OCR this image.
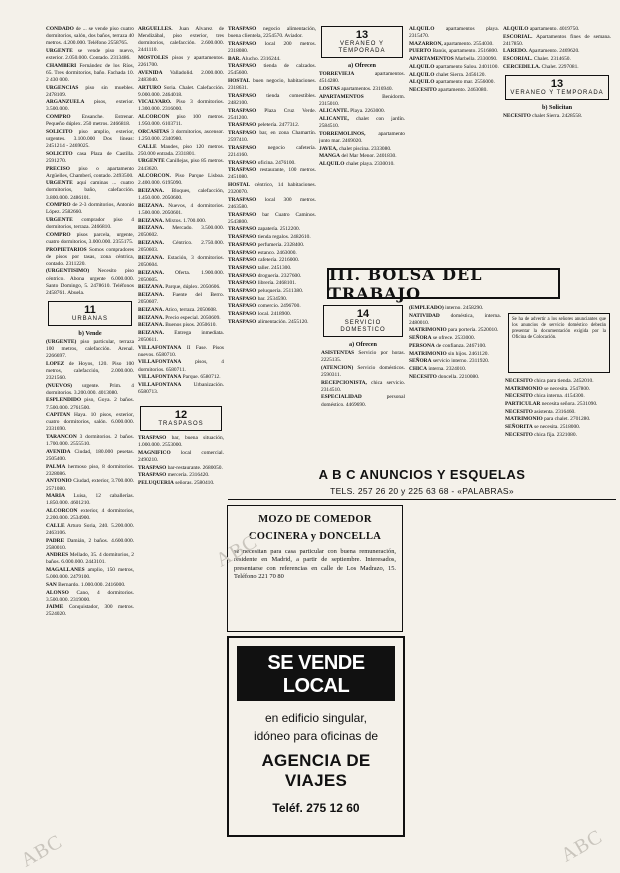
CONDADO de ... se vende piso cuatro dormitorios, salón, dos baños, terraza 40 metros. 4.200.000. Teléfono 2558765.

URGENTE se vende piso nuevo, exterior. 2.050.000. Contado. 2313486.

CHAMBERI Fernández de los Ríos, 65. Tres dormitorios, baño. Fachada 10. 2 430 000.

URGENCIAS piso sin muebles. 2478109.

ARGANZUELA pisos, exterior. 3.500.000.

COMPRO Ensanche. Estrenar. Pequeño dúplex. 250 metros. 2466818.

SOLICITO piso amplio, exterior, urgentes. 3.100.000 Dos líneas: 2451214 - 2469025.

SOLICITO casa Plaza de Castilla. 2591270.

PRECISO piso o apartamento Argüelles, Chamberí, contado. 2493500.

URGENTE aquí caminas ... cuatro dormitorios, baño, calefacción. 3.800.000. 2486101.

COMPRO de 2-3 dormitorios, Antonio López. 2582660.

URGENTE comprador piso 4 dormitorios, terraza. 2466810.

COMPRO pisos parcela, urgente, cuatro dormitorios, 3.000.000. 2355175.

PROPIETARIOS Somos compradores de pisos por tasas, zona céntrica, contado. 2311220.

(URGENTISIMO) Necesito piso céntrico. Abona urgente 6.000.000. Santo Domingo, 5. 2478610. Teléfonos 2458761. Abuela.

11
URBANAS
b) Vende

(URGENTE) piso particular, terraza 100 metros, calefacción. Arenal. 2266697.

LOPEZ de Hoyos, 120. Piso 100 metros, calefacción, 2.000.000. 2321560.

(NUEVOS) urgente. Prim. 4 dormitorios. 3.200.000. 4013080.

ESPLENDIDO piso, Goya. 2 baños. 7.500.000. 2761500.

CAPITAN Haya. 10 pisos, exterior, cuatro dormitorios, salón. 6.000.000. 2331690.

TARANCON 3 dormitorios. 2 baños. 1.700.000. 2555510.

AVENIDA Ciudad, 180.000 pesetas. 2505400.

PALMA hermoso piso, 8 dormitorios. 2328086.

ANTONIO Ciudad, exterior, 3.700.000. 2571080.

MARIA Luisa, 12 caballerías. 1.850.000. 4601210.

ALCORCON exterior, 4 dormitorios, 2.200.000. 2534900.

CALLE Arturo Soria, 240. 5.200.000. 2463106.

PADRE Damián, 2 baños. 4.600.000. 2580010.

ANDRES Mellado, 35. 4 dormitorios, 2 baños. 6.000.000. 2443101.

MAGALLANES amplio, 150 metros, 5.000.000. 2479100.

SAN Bernardo. 1.000.000. 2416000.

ALONSO Cano, 4 dormitorios. 3.500.000. 2319000.

JAIME Conquistador, 300 metros. 2524020.

ARGUELLES. Juan Álvarez de Mendizábal, piso exterior, tres dormitorios, calefacción. 2.600.000. 2441110.

MOSTOLES pisos y apartamentos. 2261700.

AVENIDA Valladolid. 2.000.000. 2483040.

ARTURO Soria. Chalet. Calefacción. 9.000.000. 2464018.

VICALVARO. Piso 3 dormitorios. 1.300.000. 2316000.

ALCORCON piso 100 metros. 1.950.000. 6103711.

ORCASITAS 3 dormitorios, ascensor. 1.250.000. 2340980.

CALLE Maudes, piso 120 metros. 250.000 entrada. 2331801.

URGENTE Canillejas, piso 85 metros. 2443620.

ALCORCON. Piso Parque Lisboa. 2.400.000. 6195090.

BEIZANA. Bloques, calefacción, 1.450.000. 2050600.

BEIZANA. Nuevos, 4 dormitorios. 1.500.000. 2050601.

BEIZANA. Mixtos. 1.700.000.

BEIZANA. Mercado. 3.500.000. 2050602.

BEIZANA. Céntrico. 2.750.000. 2050603.

BEIZANA. Estación, 3 dormitorios. 2050604.

BEIZANA. Oferta. 1.900.000. 2050605.

BEIZANA. Parque, dúplex. 2050606.

BEIZANA. Fuente del Berro. 2050607.

BEIZANA. Atico, terraza. 2050608.

BEIZANA. Precio especial. 2050609.

BEIZANA. Buenos pisos. 2050610.

BEIZANA. Entrega inmediata. 2050611.

VILLAFONTANA II Fase. Pisos nuevos. 6580710.

VILLAFONTANA pisos, 4 dormitorios. 6580711.

VILLAFONTANA Parque. 6580712.

VILLAFONTANA Urbanización. 6580713.

12
TRASPASOS

TRASPASO bar, buena situación, 1.000.000. 2553000.

MAGNIFICO local comercial. 2490210.

TRASPASO bar-restaurante. 2680050.

TRASPASO mercería. 2316420.

PELUQUERIA señoras. 2580410.

TRASPASO negocio alimentación, buena clientela, 2254570. Aviador.

TRASPASO local 200 metros. 2318080.

BAR. Alucho. 2316244.

TRASPASO tienda de calzados. 2545600.

HOSTAL buen negocio, habitaciones. 2318631.

TRASPASO tienda comestibles. 2482100.

TRASPASO Plaza Cruz Verde. 2541200.

TRASPASO peletería. 2477312.

TRASPASO bar, en zona Chamartín. 2597410.

TRASPASO negocio cafetería. 2214160.

TRASPASO oficina. 2476100.

TRASPASO restaurante, 100 metros. 2451080.

HOSTAL céntrico, 14 habitaciones. 2320070.

TRASPASO local 300 metros. 2463580.

TRASPASO bar Cuatro Caminos. 2543800.

TRASPASO zapatería. 2512200.

TRASPASO tienda regalos. 2482610.

TRASPASO perfumería. 2328400.

TRASPASO estanco. 2463000.

TRASPASO cafetería. 2216000.

TRASPASO taller. 2451300.

TRASPASO droguería. 2327600.

TRASPASO librería. 2468101.

TRASPASO peluquería. 2511380.

TRASPASO bar. 2534590.

TRASPASO comercio. 2496700.

TRASPASO local. 2418900.

TRASPASO alimentación. 2455120.

13
VERANEO Y TEMPORADA
a) Ofrecen

TORREVIEJA apartamentos. 4514280.

LOSTAS apartamentos. 2316940.

APARTAMENTOS Benidorm. 2315010.

ALICANTE. Playa. 2263000.

ALICANTE, chalet con jardín. 2584510.

TORREMOLINOS, apartamento junto mar. 2469020.

JAVEA, chalet piscina. 2333080.

MANGA del Mar Menor. 2401830.

ALQUILO chalet playa. 2330010.

ALQUILO apartamentos playa. 2315470.

MAZARRON, apartamento. 2554030.

PUERTO Banús, apartamento. 2516800.

APARTAMENTOS Marbella. 2330090.

ALQUILO apartamento Salou. 2401100.

ALQUILO chalet Sierra. 2456120.

ALQUILO apartamento mar. 2556000.

NECESITO apartamento. 2463080.

ALQUILO apartamento. 4019750.

ESCORIAL. Apartamentos fines de semana. 2417850.

LAREDO. Apartamento. 2469620.

ESCORIAL. Chalet. 2314650.

CERCEDILLA. Chalet. 2297081.

13
VERANEO Y TEMPORADA
b) Solicitan

NECESITO chalet Sierra. 2428558.

III. BOLSA DEL TRABAJO
14
SERVICIO DOMESTICO
a) Ofrecen

ASISTENTAS Servicio por horas. 2225135.

(ATENCION) Servicio domésticos. 2590311.

RECEPCIONISTA, chica servicio. 2314510.

ESPECIALIDAD personal doméstico. 4469690.

(EMPLEADO) interno. 2458290.

NATIVIDAD doméstica, interna. 2480010.

MATRIMONIO para portería. 2520010.

SEÑORA se ofrece. 2533000.

PERSONA de confianza. 2467100.

MATRIMONIO sin hijos. 2461120.

SEÑORA servicio interno. 2311920.

CHICA interna. 2324010.

NECESITO doncella. 2210080.

Se ha de advertir a los señores anunciantes que los anuncios de servicio doméstico deberán presentar la documentación exigida por la Oficina de Colocación.

NECESITO chica para tienda. 2452010.

MATRIMONIO se necesita. 2547800.

NECESITO chica interna. 4154300.

PARTICULAR necesita señora. 2531090.

NECESITO asistenta. 2316460.

MATRIMONIO para chalet. 2701280.

SEÑORITA se necesita. 2518000.

NECESITO chica fija. 2321080.

A B C ANUNCIOS Y ESQUELAS
TELS. 257 26 20 y 225 63 68 - «PALABRAS»
MOZO DE COMEDOR
COCINERA y DONCELLA
se necesitan para casa particular con buena remuneración, residente en Madrid, a partir de septiembre. Interesados, presentarse con referencias en calle de Los Madrazo, 15. Teléfono 221 70 80
SE VENDE LOCAL
en edificio singular,
idóneo para oficinas de
AGENCIA DE VIAJES
Teléf. 275 12 60
ABC	ABC
ABC
